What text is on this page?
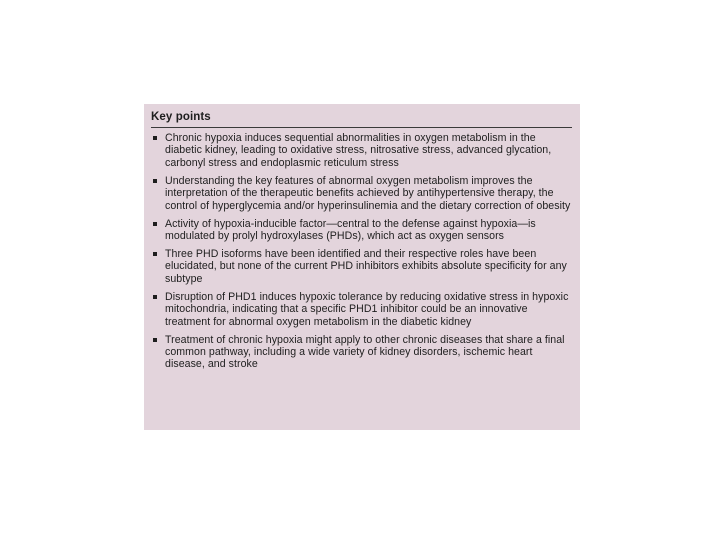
Key points
Chronic hypoxia induces sequential abnormalities in oxygen metabolism in the diabetic kidney, leading to oxidative stress, nitrosative stress, advanced glycation, carbonyl stress and endoplasmic reticulum stress
Understanding the key features of abnormal oxygen metabolism improves the interpretation of the therapeutic benefits achieved by antihypertensive therapy, the control of hyperglycemia and/or hyperinsulinemia and the dietary correction of obesity
Activity of hypoxia-inducible factor—central to the defense against hypoxia—is modulated by prolyl hydroxylases (PHDs), which act as oxygen sensors
Three PHD isoforms have been identified and their respective roles have been elucidated, but none of the current PHD inhibitors exhibits absolute specificity for any subtype
Disruption of PHD1 induces hypoxic tolerance by reducing oxidative stress in hypoxic mitochondria, indicating that a specific PHD1 inhibitor could be an innovative treatment for abnormal oxygen metabolism in the diabetic kidney
Treatment of chronic hypoxia might apply to other chronic diseases that share a final common pathway, including a wide variety of kidney disorders, ischemic heart disease, and stroke
